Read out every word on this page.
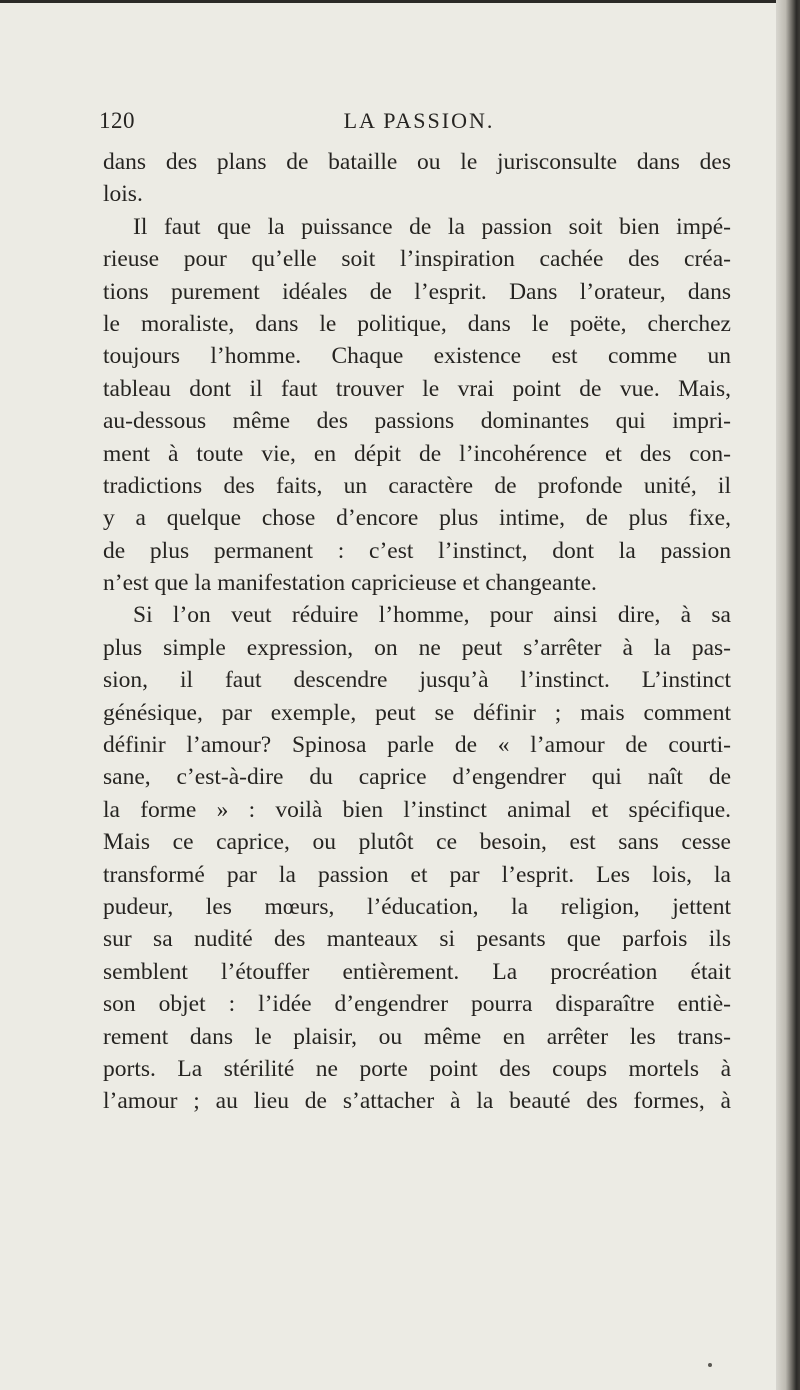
120	LA PASSION.
dans des plans de bataille ou le jurisconsulte dans des
lois.
Il faut que la puissance de la passion soit bien impé-
rieuse pour qu’elle soit l’inspiration cachée des créa-
tions purement idéales de l’esprit. Dans l’orateur, dans
le moraliste, dans le politique, dans le poëte, cherchez
toujours l’homme. Chaque existence est comme un
tableau dont il faut trouver le vrai point de vue. Mais,
au-dessous même des passions dominantes qui impri-
ment à toute vie, en dépit de l’incohérence et des con-
tradictions des faits, un caractère de profonde unité, il
y a quelque chose d’encore plus intime, de plus fixe,
de plus permanent : c’est l’instinct, dont la passion
n’est que la manifestation capricieuse et changeante.
Si l’on veut réduire l’homme, pour ainsi dire, à sa
plus simple expression, on ne peut s’arrêter à la pas-
sion, il faut descendre jusqu’à l’instinct. L’instinct
génésique, par exemple, peut se définir ; mais comment
définir l’amour? Spinosa parle de « l’amour de courti-
sane, c’est-à-dire du caprice d’engendrer qui naît de
la forme » : voilà bien l’instinct animal et spécifique.
Mais ce caprice, ou plutôt ce besoin, est sans cesse
transformé par la passion et par l’esprit. Les lois, la
pudeur, les mœurs, l’éducation, la religion, jettent
sur sa nudité des manteaux si pesants que parfois ils
semblent l’étouffer entièrement. La procréation était
son objet : l’idée d’engendrer pourra disparaître entiè-
rement dans le plaisir, ou même en arrêter les trans-
ports. La stérilité ne porte point des coups mortels à
l’amour ; au lieu de s’attacher à la beauté des formes, à
